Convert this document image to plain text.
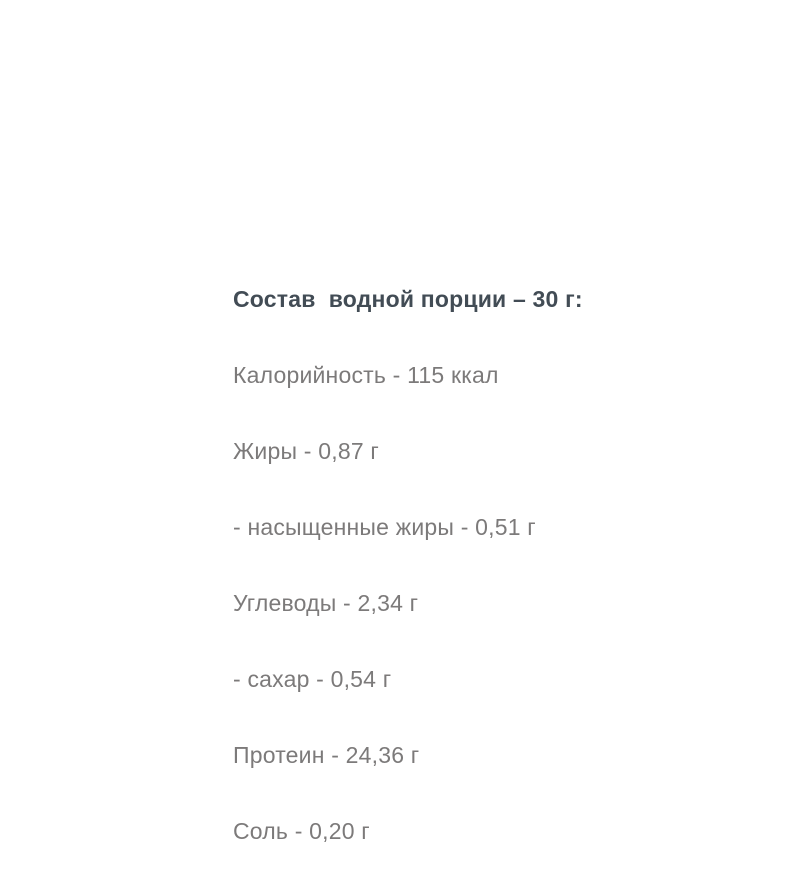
Состав  водной порции – 30 г:

Калорийность - 115 ккал

Жиры - 0,87 г

- насыщенные жиры - 0,51 г

Углеводы - 2,34 г

- сахар - 0,54 г

Протеин - 24,36 г

Соль - 0,20 г
